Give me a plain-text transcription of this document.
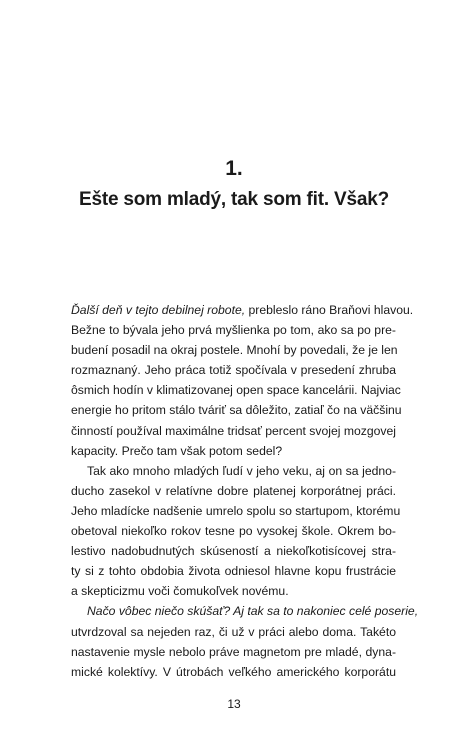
1.
Ešte som mladý, tak som fit. Však?
Ďalší deň v tejto debilnej robote, prebleslo ráno Braňovi hlavou.
Bežne to bývala jeho prvá myšlienka po tom, ako sa po pre-
budení posadil na okraj postele. Mnohí by povedali, že je len
rozmaznaný. Jeho práca totiž spočívala v presedení zhruba
ôsmich hodín v klimatizovanej open space kancelárii. Najviac
energie ho pritom stálo tváriť sa dôležito, zatiaľ čo na väčšinu
činností používal maximálne tridsať percent svojej mozgovej
kapacity. Prečo tam však potom sedel?
Tak ako mnoho mladých ľudí v jeho veku, aj on sa jedno-
ducho zasekol v relatívne dobre platenej korporátnej práci.
Jeho mladícke nadšenie umrelo spolu so startupom, ktorému
obetoval niekoľko rokov tesne po vysokej škole. Okrem bo-
lestivo nadobudnutých skúseností a niekoľkotisícovej stra-
ty si z tohto obdobia života odniesol hlavne kopu frustrácie
a skepticizmu voči čomukoľvek novému.
Načo vôbec niečo skúšať? Aj tak sa to nakoniec celé poserie,
utvrdzoval sa nejeden raz, či už v práci alebo doma. Takéto
nastavenie mysle nebolo práve magnetom pre mladé, dyna-
mické kolektívy. V útrobách veľkého amerického korporátu
13
